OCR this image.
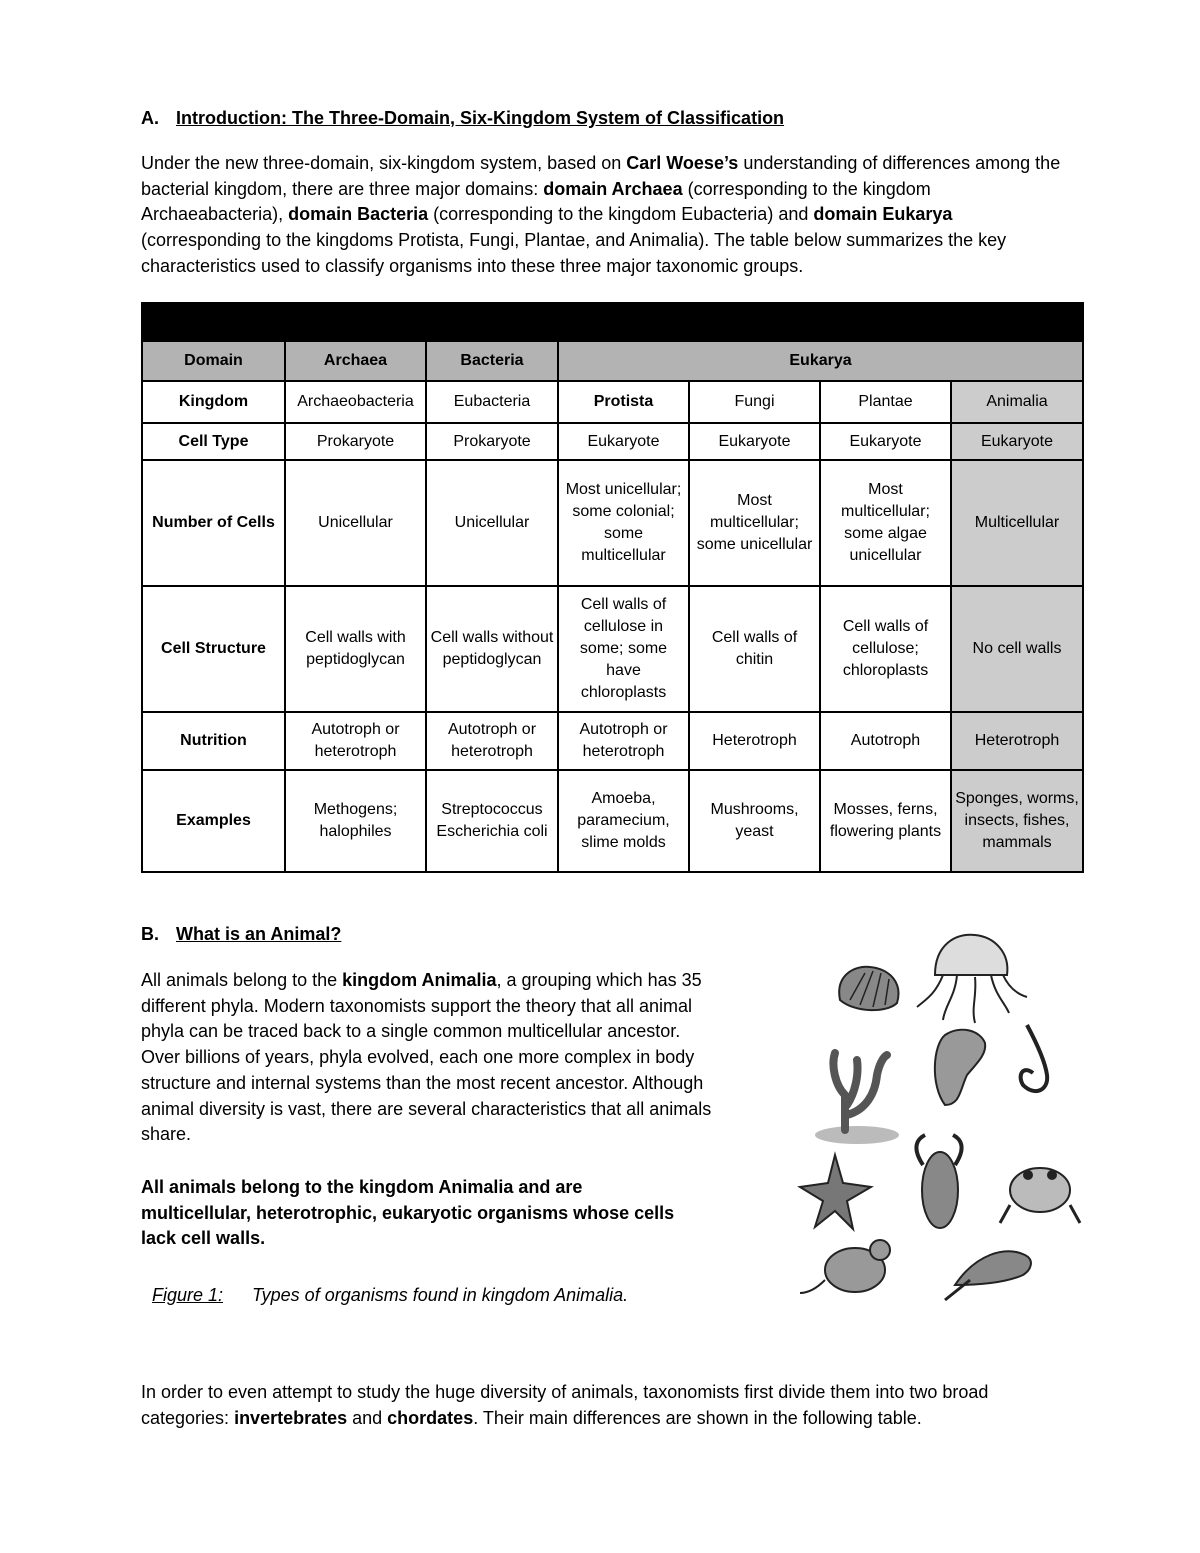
A. Introduction: The Three-Domain, Six-Kingdom System of Classification
Under the new three-domain, six-kingdom system, based on Carl Woese’s understanding of differences among the bacterial kingdom, there are three major domains: domain Archaea (corresponding to the kingdom Archaeabacteria), domain Bacteria (corresponding to the kingdom Eubacteria) and domain Eukarya (corresponding to the kingdoms Protista, Fungi, Plantae, and Animalia). The table below summarizes the key characteristics used to classify organisms into these three major taxonomic groups.

Domain	Archaea	Bacteria	Eukarya			
Kingdom	Archaeobacteria	Eubacteria	Protista	Fungi	Plantae	Animalia
Cell Type	Prokaryote	Prokaryote	Eukaryote	Eukaryote	Eukaryote	Eukaryote
Number of Cells	Unicellular	Unicellular	Most unicellular; some colonial; some multicellular	Most multicellular; some unicellular	Most multicellular; some algae unicellular	Multicellular
Cell Structure	Cell walls with peptidoglycan	Cell walls without peptidoglycan	Cell walls of cellulose in some; some have chloroplasts	Cell walls of chitin	Cell walls of cellulose; chloroplasts	No cell walls
Nutrition	Autotroph or heterotroph	Autotroph or heterotroph	Autotroph or heterotroph	Heterotroph	Autotroph	Heterotroph
Examples	Methogens; halophiles	Streptococcus Escherichia coli	Amoeba, paramecium, slime molds	Mushrooms, yeast	Mosses, ferns, flowering plants	Sponges, worms, insects, fishes, mammals
B. What is an Animal?
All animals belong to the kingdom Animalia, a grouping which has 35 different phyla. Modern taxonomists support the theory that all animal phyla can be traced back to a single common multicellular ancestor. Over billions of years, phyla evolved, each one more complex in body structure and internal systems than the most recent ancestor. Although animal diversity is vast, there are several characteristics that all animals share.
All animals belong to the kingdom Animalia and are multicellular, heterotrophic, eukaryotic organisms whose cells lack cell walls.
Figure 1: Types of organisms found in kingdom Animalia.
In order to even attempt to study the huge diversity of animals, taxonomists first divide them into two broad categories: invertebrates and chordates. Their main differences are shown in the following table.
